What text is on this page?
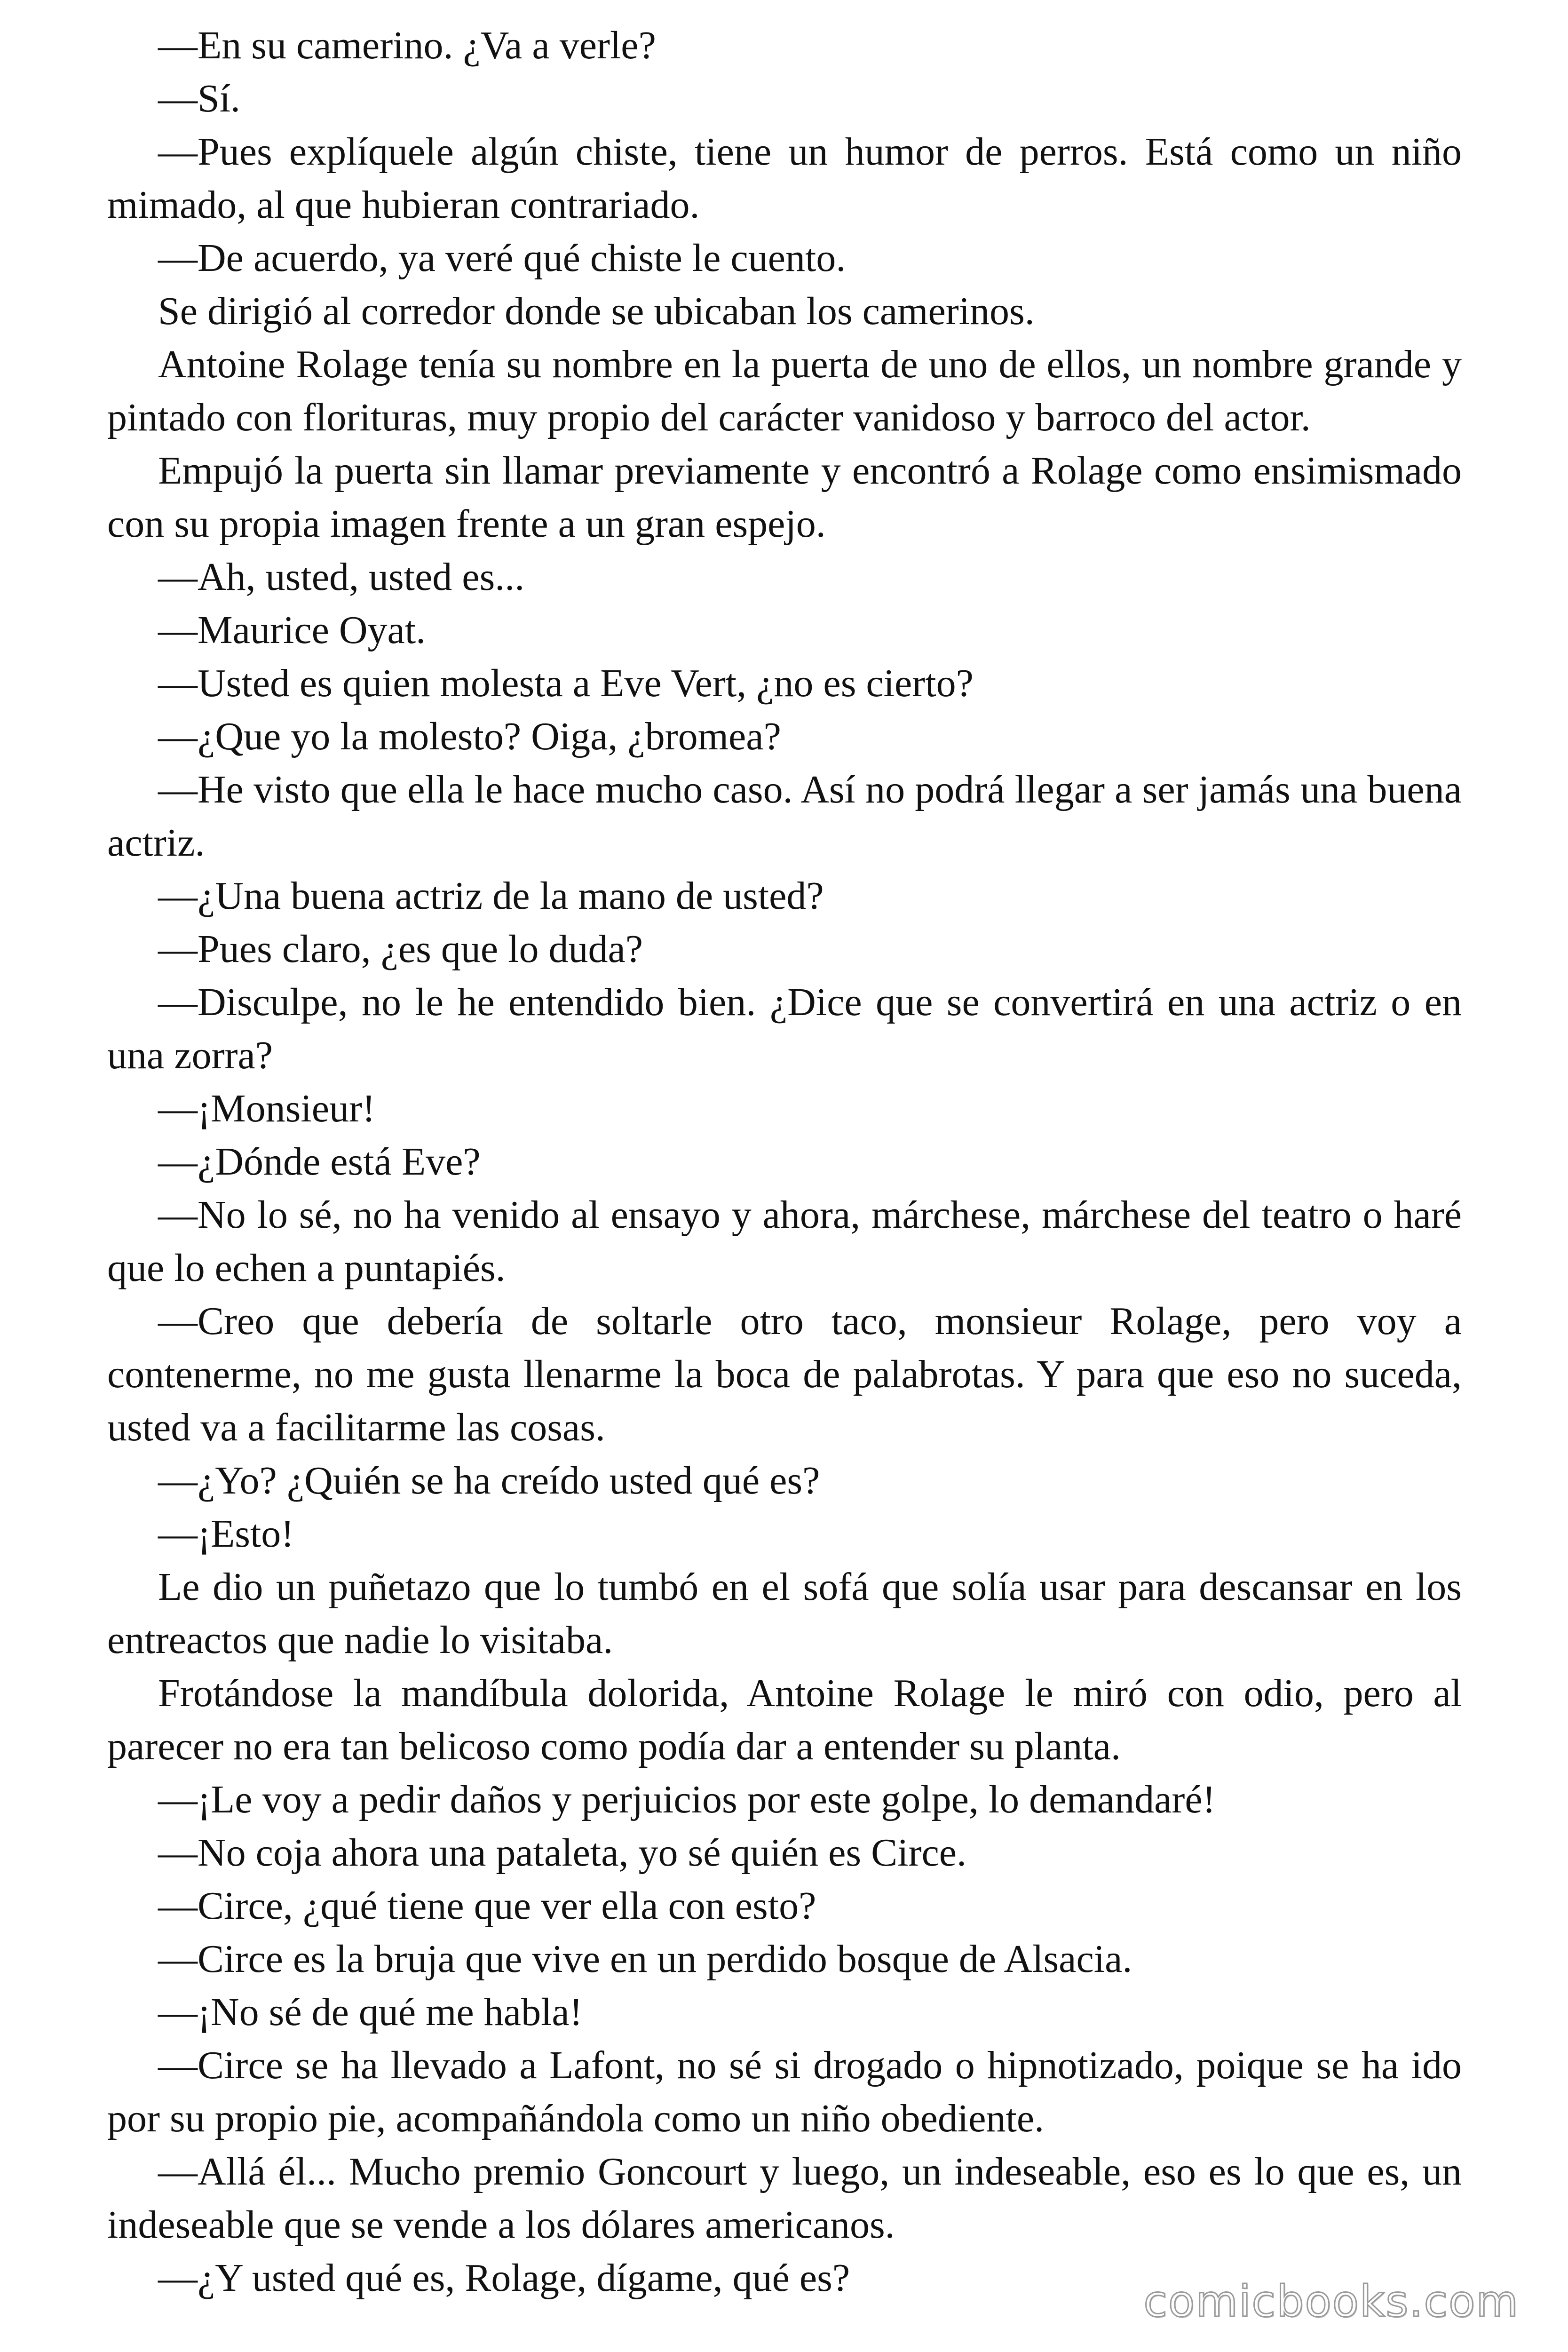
—En su camerino. ¿Va a verle?

—Sí.

—Pues explíquele algún chiste, tiene un humor de perros. Está como un niño mimado, al que hubieran contrariado.

—De acuerdo, ya veré qué chiste le cuento.

Se dirigió al corredor donde se ubicaban los camerinos.

Antoine Rolage tenía su nombre en la puerta de uno de ellos, un nombre grande y pintado con florituras, muy propio del carácter vanidoso y barroco del actor.

Empujó la puerta sin llamar previamente y encontró a Rolage como ensimismado con su propia imagen frente a un gran espejo.

—Ah, usted, usted es...

—Maurice Oyat.

—Usted es quien molesta a Eve Vert, ¿no es cierto?

—¿Que yo la molesto? Oiga, ¿bromea?

—He visto que ella le hace mucho caso. Así no podrá llegar a ser jamás una buena actriz.

—¿Una buena actriz de la mano de usted?

—Pues claro, ¿es que lo duda?

—Disculpe, no le he entendido bien. ¿Dice que se convertirá en una actriz o en una zorra?

—¡Monsieur!

—¿Dónde está Eve?

—No lo sé, no ha venido al ensayo y ahora, márchese, márchese del teatro o haré que lo echen a puntapiés.

—Creo que debería de soltarle otro taco, monsieur Rolage, pero voy a contenerme, no me gusta llenarme la boca de palabrotas. Y para que eso no suceda, usted va a facilitarme las cosas.

—¿Yo? ¿Quién se ha creído usted qué es?

—¡Esto!

Le dio un puñetazo que lo tumbó en el sofá que solía usar para descansar en los entreactos que nadie lo visitaba.

Frotándose la mandíbula dolorida, Antoine Rolage le miró con odio, pero al parecer no era tan belicoso como podía dar a entender su planta.

—¡Le voy a pedir daños y perjuicios por este golpe, lo demandaré!

—No coja ahora una pataleta, yo sé quién es Circe.

—Circe, ¿qué tiene que ver ella con esto?

—Circe es la bruja que vive en un perdido bosque de Alsacia.

—¡No sé de qué me habla!

—Circe se ha llevado a Lafont, no sé si drogado o hipnotizado, poique se ha ido por su propio pie, acompañándola como un niño obediente.

—Allá él... Mucho premio Goncourt y luego, un indeseable, eso es lo que es, un indeseable que se vende a los dólares americanos.

—¿Y usted qué es, Rolage, dígame, qué es?	comicbooks.com
